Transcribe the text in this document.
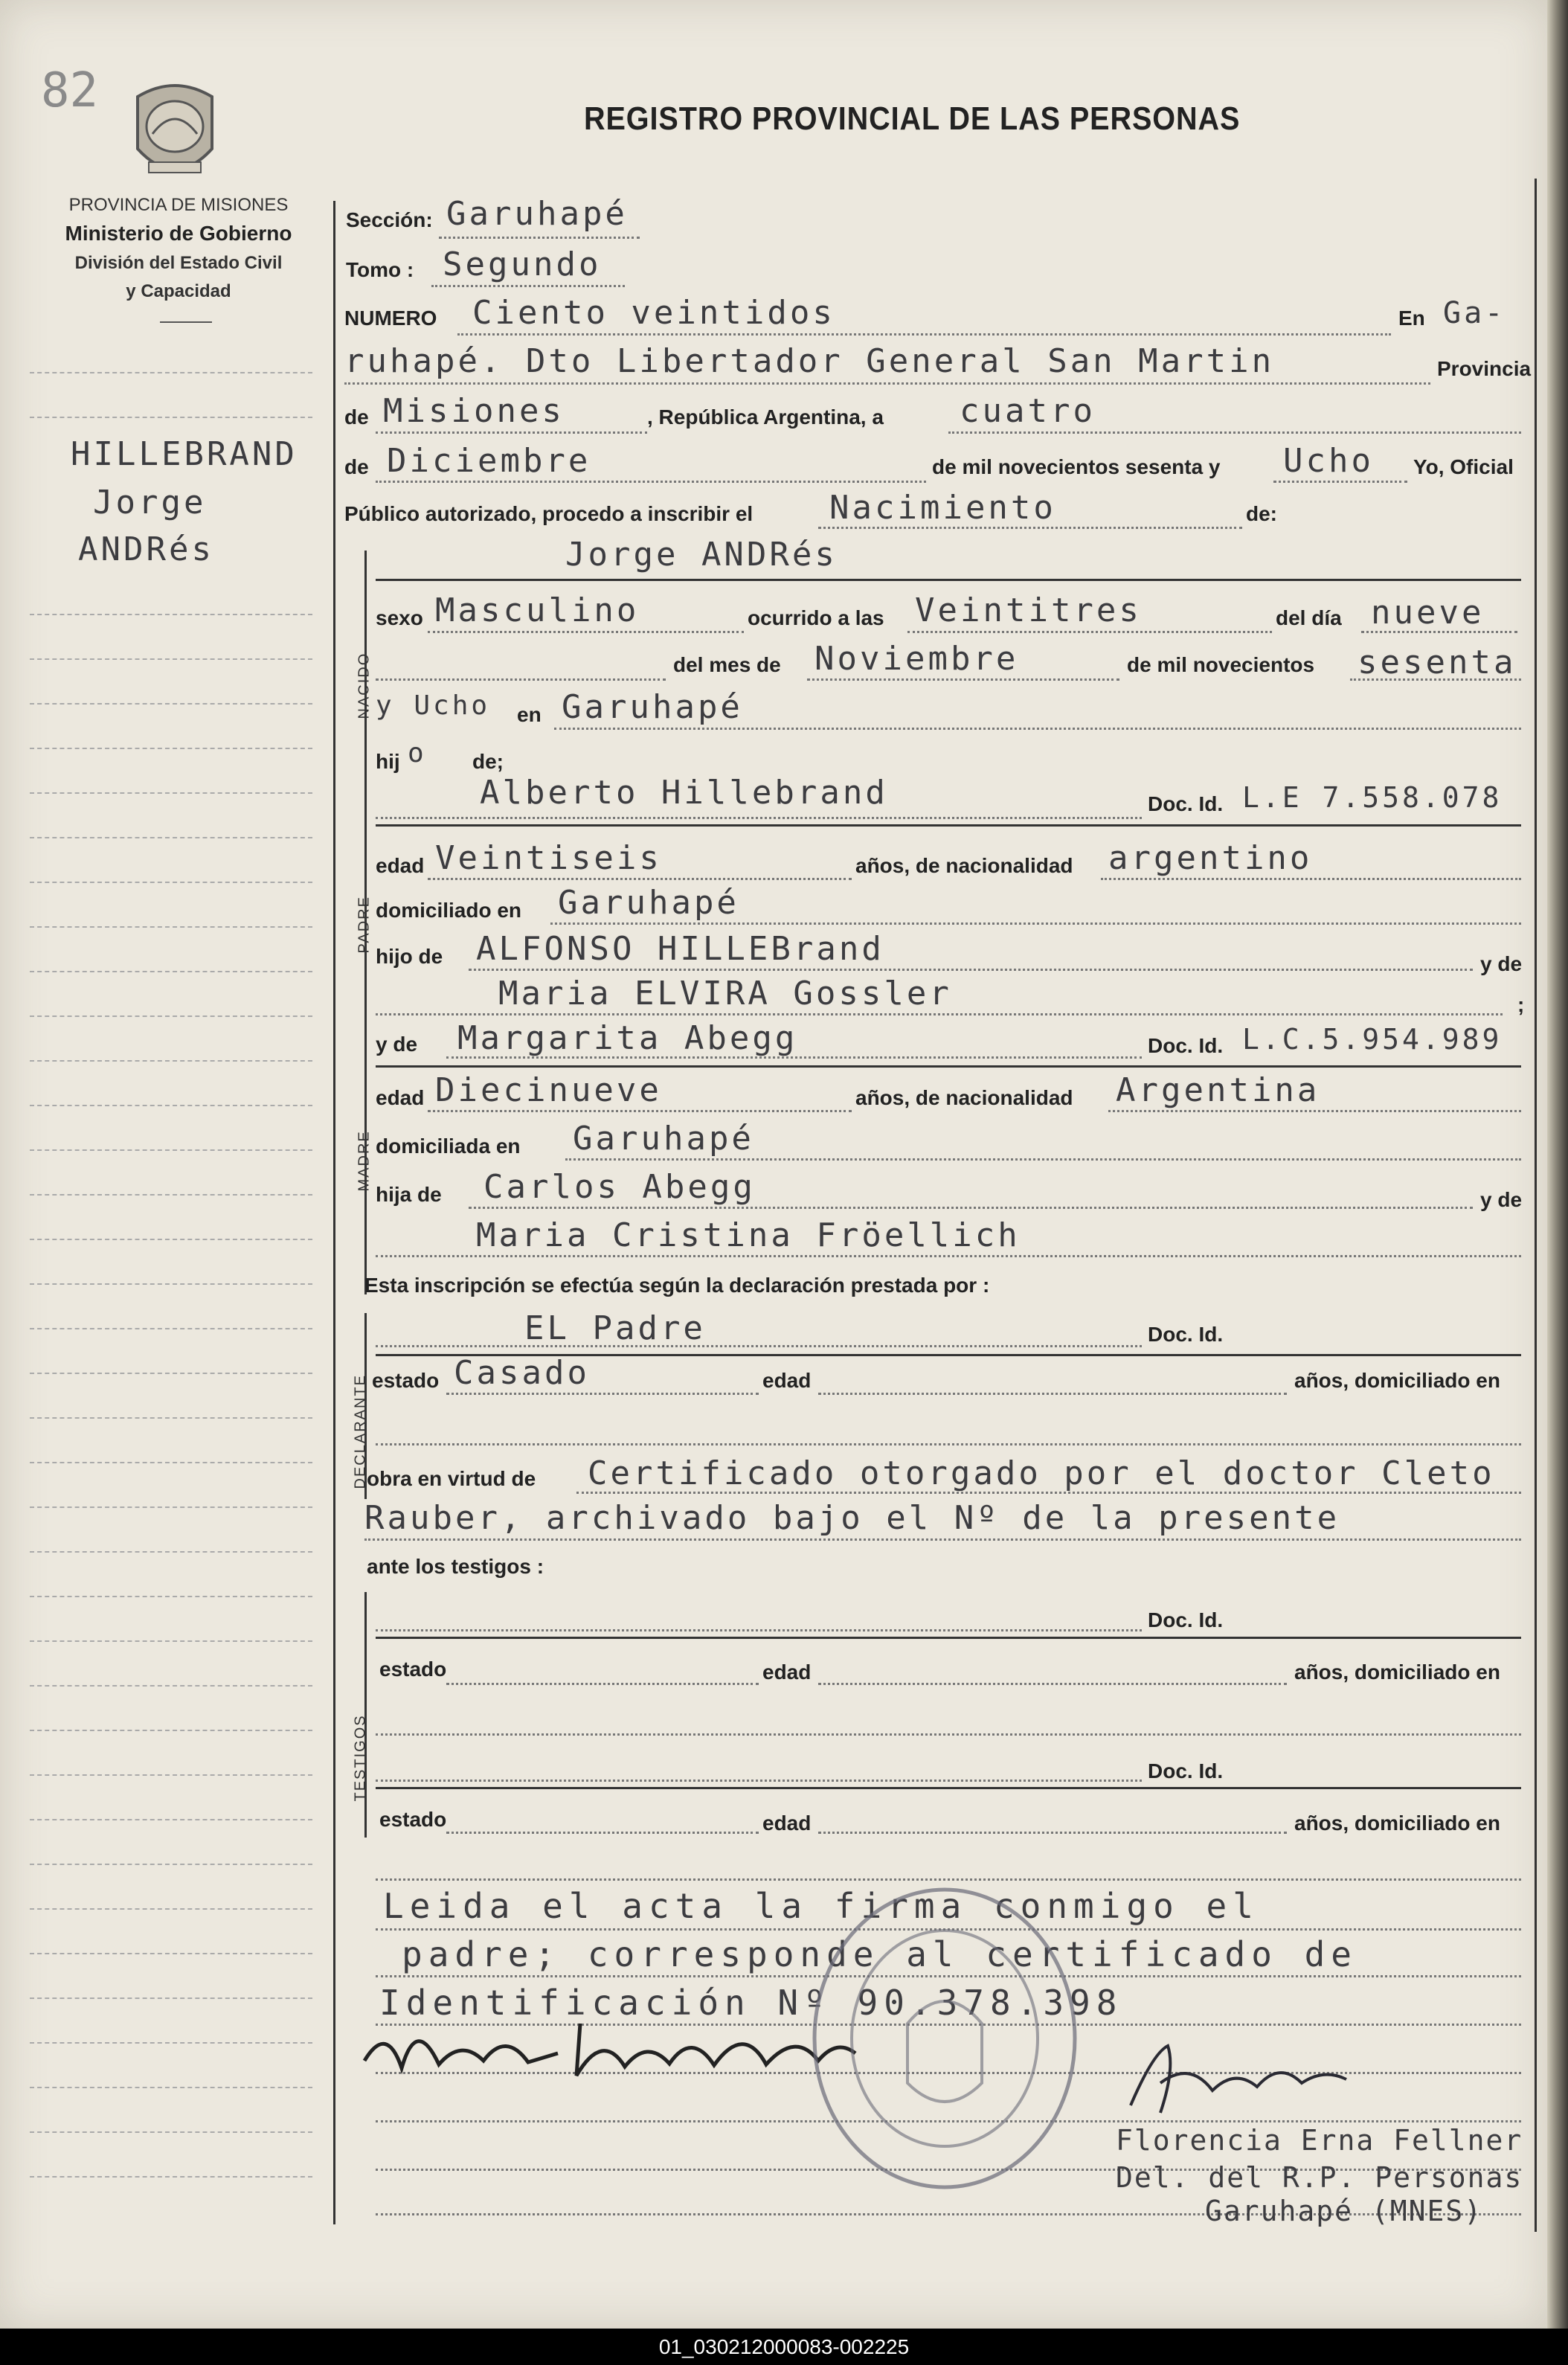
82
REGISTRO PROVINCIAL DE LAS PERSONAS
PROVINCIA DE MISIONES
Ministerio de Gobierno
División del Estado Civil
y Capacidad
HILLEBRAND
Jorge
ANDRés
Sección: Garuhapé
Tomo : Segundo
NUMERO Ciento veintidos	En Ga-
ruhapé. Dto Libertador General San Martin	Provincia
de Misiones	, República Argentina, a cuatro
de Diciembre	de mil novecientos sesenta y Ucho Yo, Oficial
Público autorizado, procedo a inscribir el Nacimiento	de:
NACIDO
Jorge ANDRés
sexo Masculino	ocurrido a las Veintitres	del día nueve
del mes de Noviembre	de mil novecientos sesenta
y Ucho en Garuhapé
hij o de;
PADRE
Alberto Hillebrand	Doc. Id. L.E 7.558.078
edad Veintiseis	años, de nacionalidad argentino
domiciliado en Garuhapé
hijo de ALFONSO HILLEBrand	y de
Maria ELVIRA Gossler	;
MADRE
y de Margarita Abegg	Doc. Id. L.C.5.954.989
edad Diecinueve	años, de nacionalidad Argentina
domiciliada en Garuhapé
hija de Carlos Abegg	y de
Maria Cristina Fröellich
Esta inscripción se efectúa según la declaración prestada por :
DECLARANTE
EL Padre	Doc. Id.
estado Casado	edad	años, domiciliado en
obra en virtud de Certificado otorgado por el doctor Cleto
Rauber, archivado bajo el Nº de la presente
ante los testigos :
TESTIGOS
Doc. Id.
estado	edad	años, domiciliado en
Doc. Id.
estado	edad	años, domiciliado en
Leida el acta la firma conmigo el
padre; corresponde al certificado de
Identificación Nº 90.378.398
Florencia Erna Fellner
Del. del R.P. Personas
Garuhapé (MNES)
01_030212000083-002225
